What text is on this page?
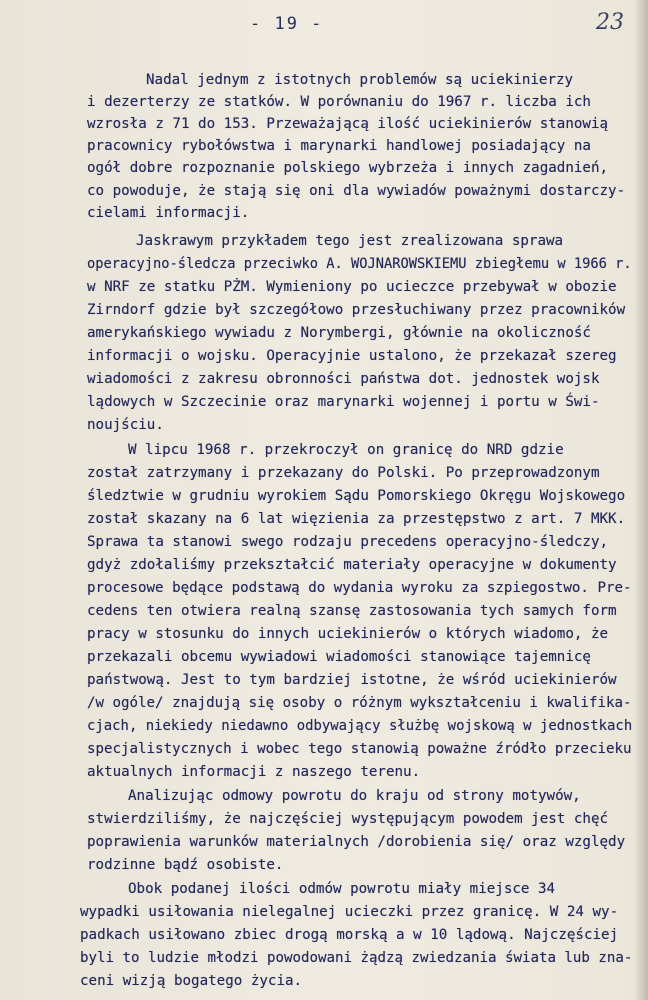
- 19 -	23
Nadal jednym z istotnych problemów są uciekinierzy
i dezerterzy ze statków. W porównaniu do 1967 r. liczba ich
wzrosła z 71 do 153. Przeważającą ilość uciekinierów stanowią
pracownicy rybołówstwa i marynarki handlowej posiadający na
ogół dobre rozpoznanie polskiego wybrzeża i innych zagadnień,
co powoduje, że stają się oni dla wywiadów poważnymi dostarczy-
cielami informacji.
Jaskrawym przykładem tego jest zrealizowana sprawa
operacyjno-śledcza przeciwko A. WOJNAROWSKIEMU zbiegłemu w 1966 r.
w NRF ze statku PŻM. Wymieniony po ucieczce przebywał w obozie
Zirndorf gdzie był szczegółowo przesłuchiwany przez pracowników
amerykańskiego wywiadu z Norymbergi, głównie na okoliczność
informacji o wojsku. Operacyjnie ustalono, że przekazał szereg
wiadomości z zakresu obronności państwa dot. jednostek wojsk
lądowych w Szczecinie oraz marynarki wojennej i portu w Świ-
noujściu.
W lipcu 1968 r. przekroczył on granicę do NRD gdzie
został zatrzymany i przekazany do Polski. Po przeprowadzonym
śledztwie w grudniu wyrokiem Sądu Pomorskiego Okręgu Wojskowego
został skazany na 6 lat więzienia za przestępstwo z art. 7 MKK.
Sprawa ta stanowi swego rodzaju precedens operacyjno-śledczy,
gdyż zdołaliśmy przekształcić materiały operacyjne w dokumenty
procesowe będące podstawą do wydania wyroku za szpiegostwo. Pre-
cedens ten otwiera realną szansę zastosowania tych samych form
pracy w stosunku do innych uciekinierów o których wiadomo, że
przekazali obcemu wywiadowi wiadomości stanowiące tajemnicę
państwową. Jest to tym bardziej istotne, że wśród uciekinierów
/w ogóle/ znajdują się osoby o różnym wykształceniu i kwalifika-
cjach, niekiedy niedawno odbywający służbę wojskową w jednostkach
specjalistycznych i wobec tego stanowią poważne źródło przecieku
aktualnych informacji z naszego terenu.
Analizując odmowy powrotu do kraju od strony motywów,
stwierdziliśmy, że najczęściej występującym powodem jest chęć
poprawienia warunków materialnych /dorobienia się/ oraz względy
rodzinne bądź osobiste.
Obok podanej ilości odmów powrotu miały miejsce 34
wypadki usiłowania nielegalnej ucieczki przez granicę. W 24 wy-
padkach usiłowano zbiec drogą morską a w 10 lądową. Najczęściej
byli to ludzie młodzi powodowani żądzą zwiedzania świata lub zna-
ceni wizją bogatego życia.
